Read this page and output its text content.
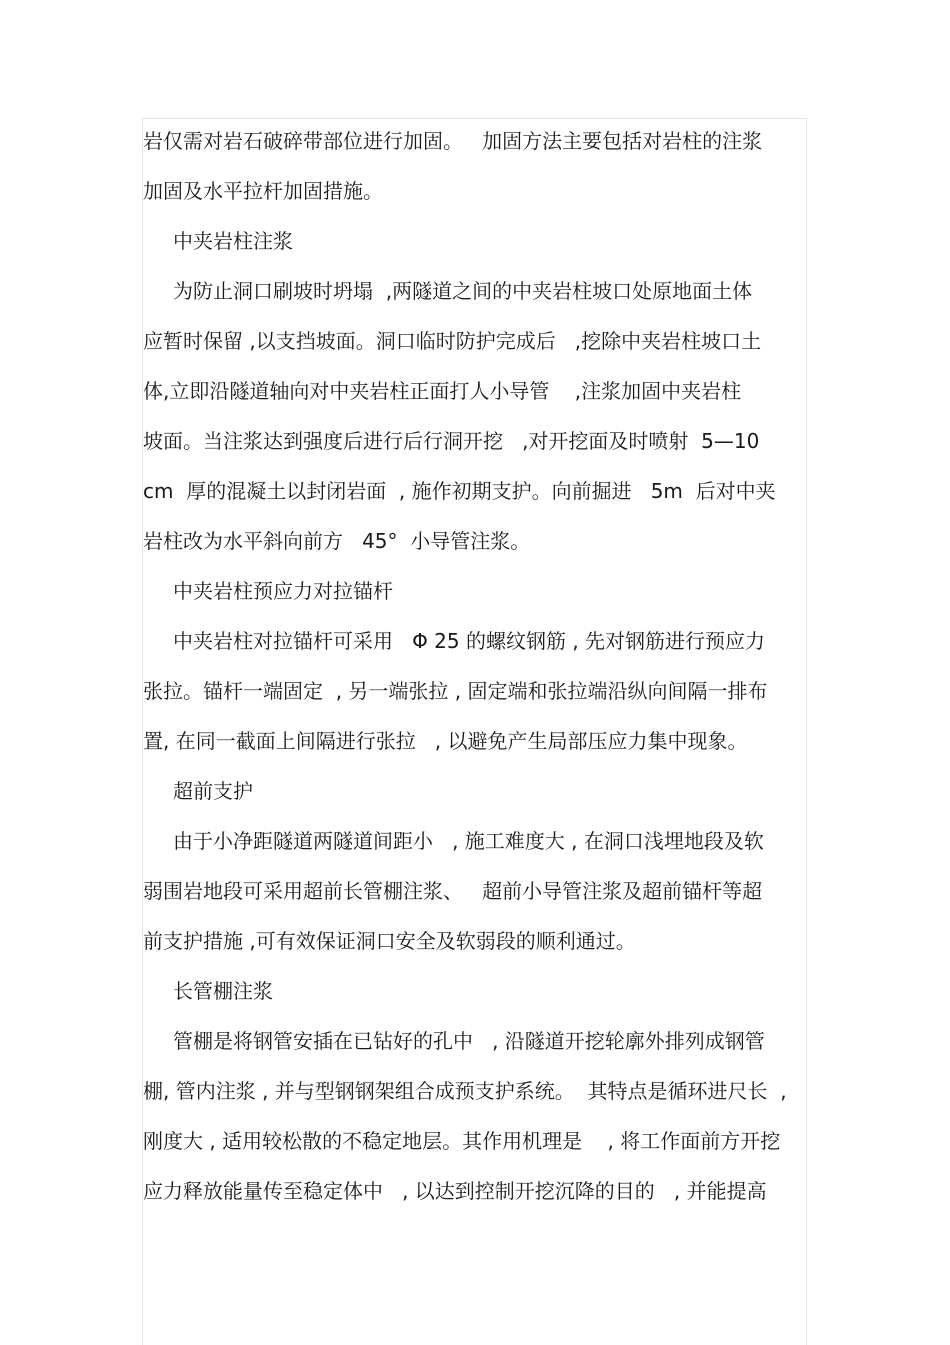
岩仅需对岩石破碎带部位进行加固。   加固方法主要包括对岩柱的注浆
加固及水平拉杆加固措施。
中夹岩柱注浆
为防止洞口刷坡时坍塌  ,两隧道之间的中夹岩柱坡口处原地面土体
应暂时保留 ,以支挡坡面。洞口临时防护完成后   ,挖除中夹岩柱坡口土
体,立即沿隧道轴向对中夹岩柱正面打人小导管    ,注浆加固中夹岩柱
坡面。当注浆达到强度后进行后行洞开挖   ,对开挖面及时喷射  5—10
cm  厚的混凝土以封闭岩面  , 施作初期支护。向前掘进   5m  后对中夹
岩柱改为水平斜向前方   45°  小导管注浆。
中夹岩柱预应力对拉锚杆
中夹岩柱对拉锚杆可采用   Φ 25 的螺纹钢筋 , 先对钢筋进行预应力
张拉。锚杆一端固定  , 另一端张拉 , 固定端和张拉端沿纵向间隔一排布
置, 在同一截面上间隔进行张拉   , 以避免产生局部压应力集中现象。
超前支护
由于小净距隧道两隧道间距小   , 施工难度大 , 在洞口浅埋地段及软
弱围岩地段可采用超前长管棚注浆、   超前小导管注浆及超前锚杆等超
前支护措施 ,可有效保证洞口安全及软弱段的顺利通过。
长管棚注浆
管棚是将钢管安插在已钻好的孔中   , 沿隧道开挖轮廓外排列成钢管
棚, 管内注浆 , 并与型钢钢架组合成预支护系统。  其特点是循环进尺长  ,
刚度大 , 适用较松散的不稳定地层。其作用机理是    , 将工作面前方开挖
应力释放能量传至稳定体中   , 以达到控制开挖沉降的目的   , 并能提高
